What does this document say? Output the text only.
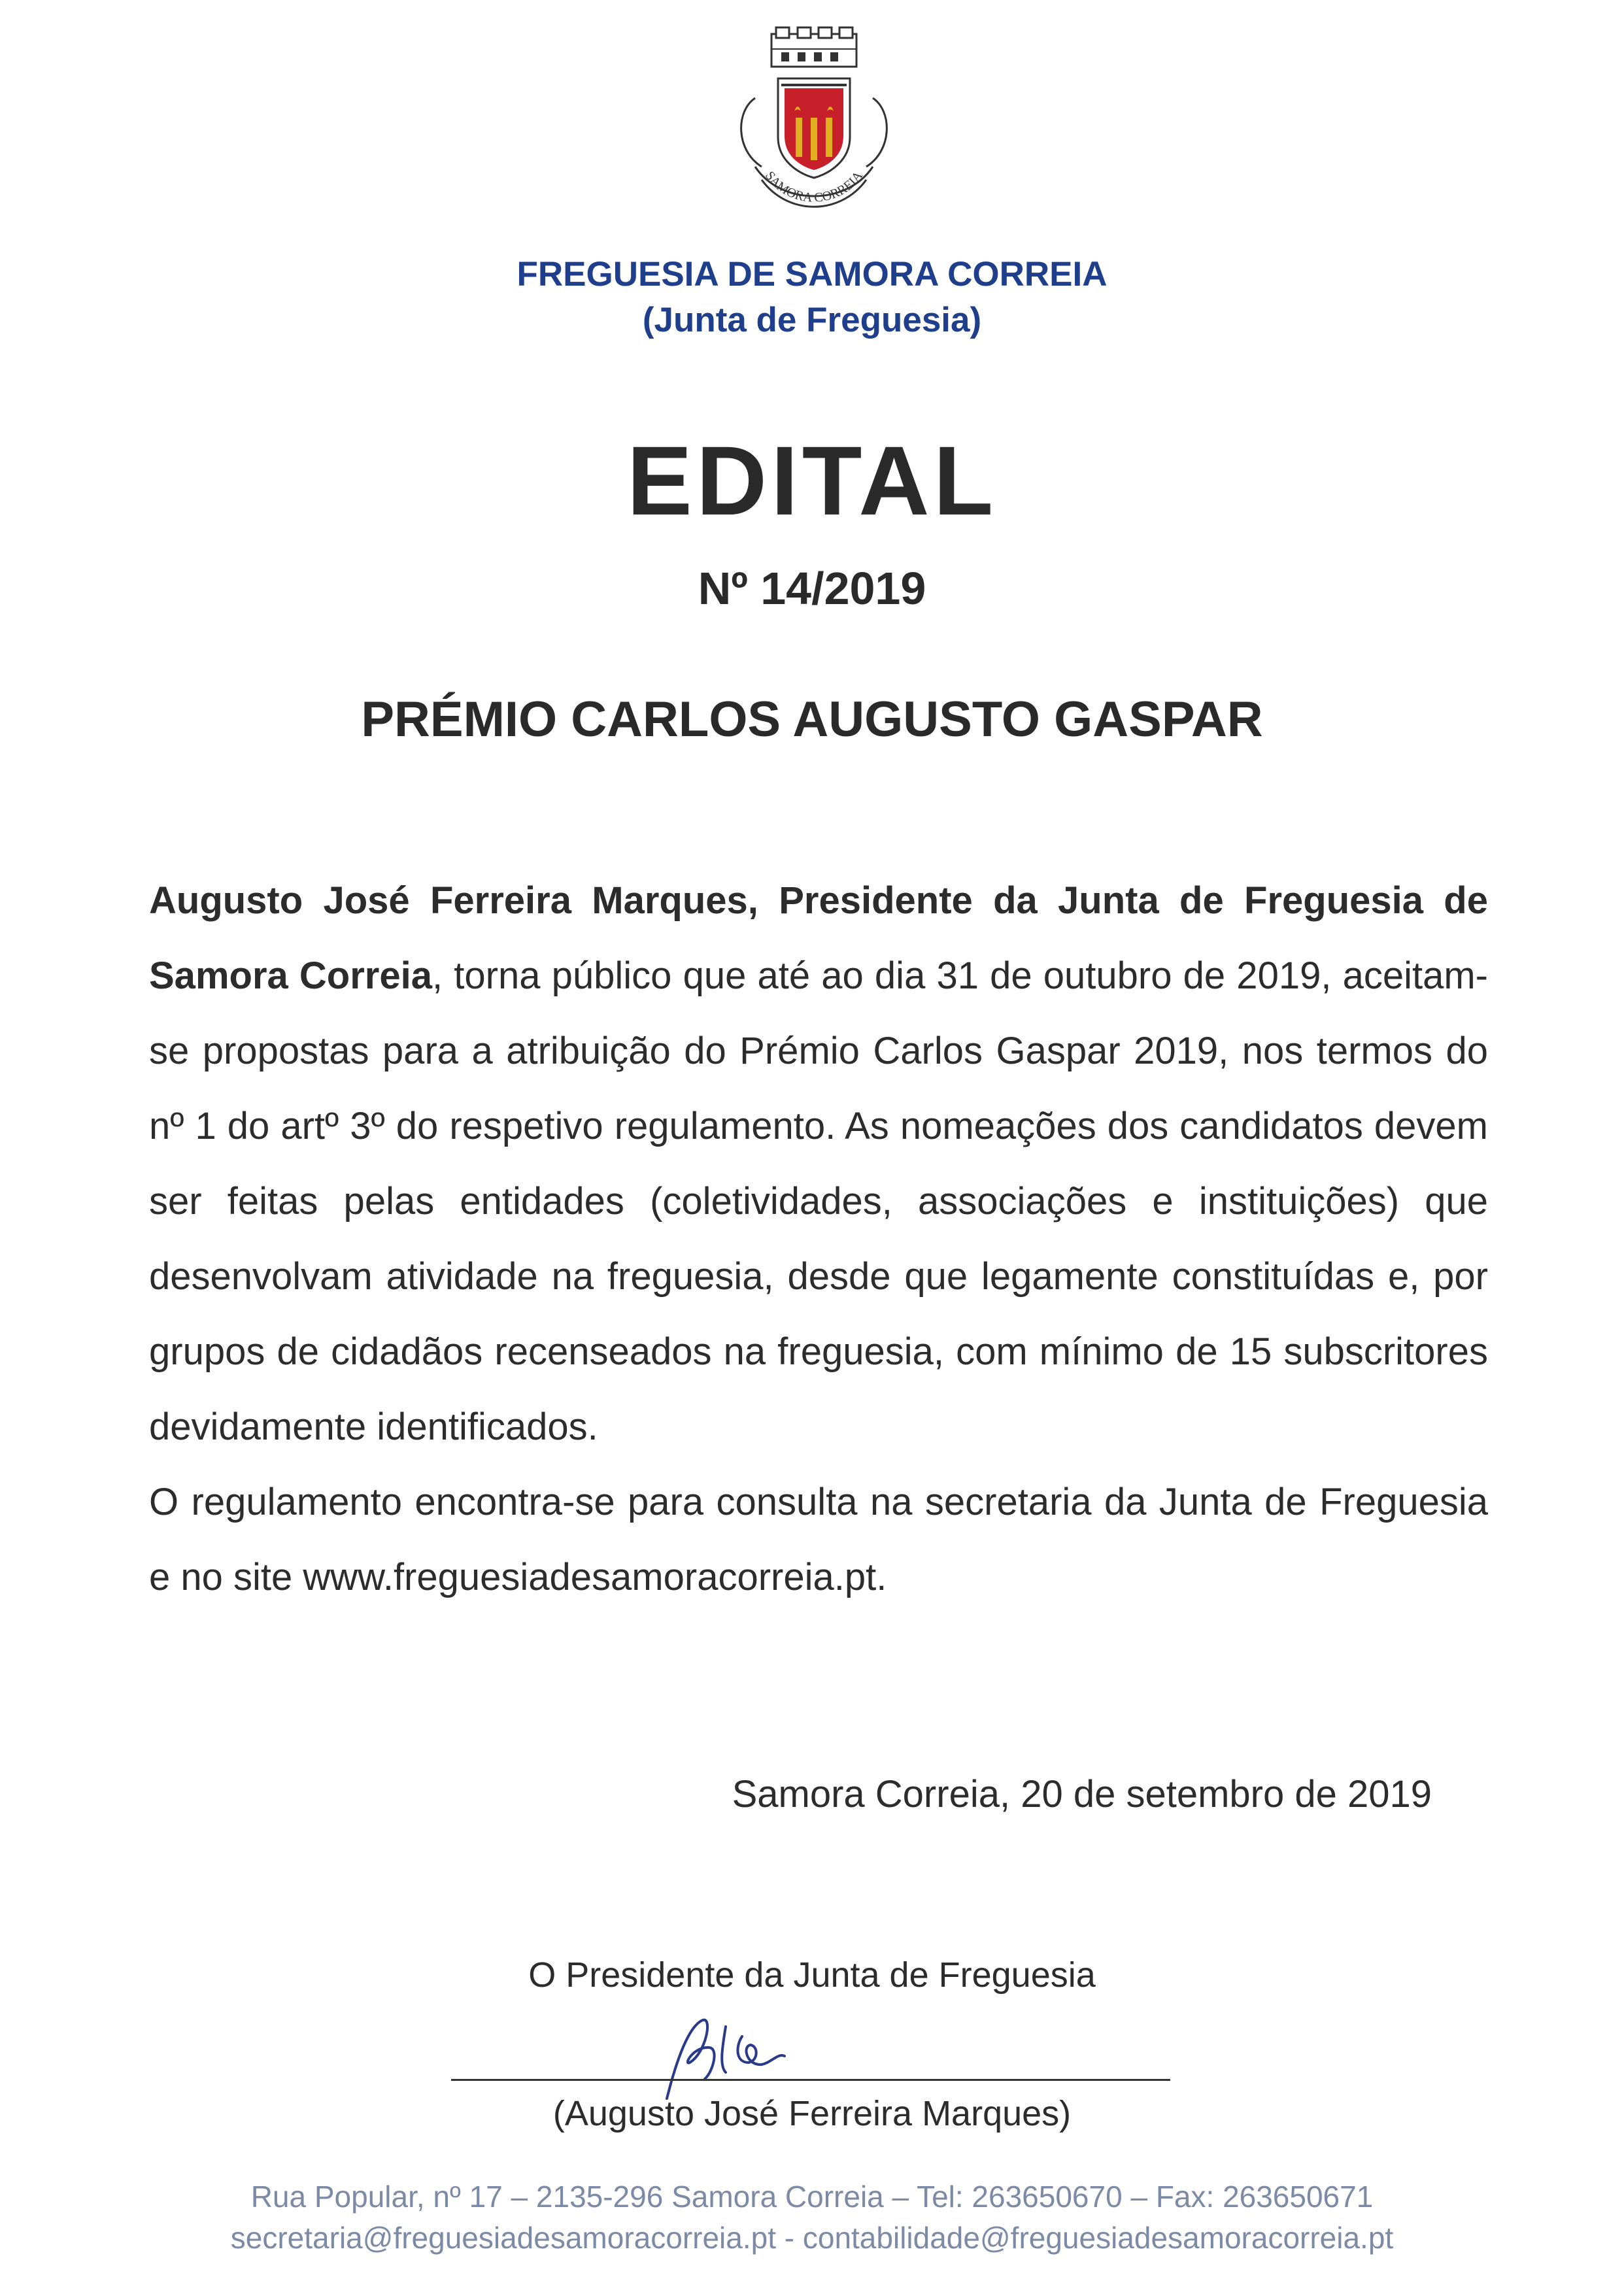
SAMORA CORREIA
FREGUESIA DE SAMORA CORREIA
(Junta de Freguesia)
EDITAL
Nº 14/2019
PRÉMIO CARLOS AUGUSTO GASPAR

Augusto José Ferreira Marques, Presidente da Junta de Freguesia de Samora Correia, torna público que até ao dia 31 de outubro de 2019, aceitam-se propostas para a atribuição do Prémio Carlos Gaspar 2019, nos termos do nº 1 do artº 3º do respetivo regulamento. As nomeações dos candidatos devem ser feitas pelas entidades (coletividades, associações e instituições) que desenvolvam atividade na freguesia, desde que legamente constituídas e, por grupos de cidadãos recenseados na freguesia, com mínimo de 15 subscritores devidamente identificados.

O regulamento encontra-se para consulta na secretaria da Junta de Freguesia e no site www.freguesiadesamoracorreia.pt.

Samora Correia, 20 de setembro de 2019
O Presidente da Junta de Freguesia
(Augusto José Ferreira Marques)
Rua Popular, nº 17 – 2135-296 Samora Correia – Tel: 263650670 – Fax: 263650671
secretaria@freguesiadesamoracorreia.pt - contabilidade@freguesiadesamoracorreia.pt
